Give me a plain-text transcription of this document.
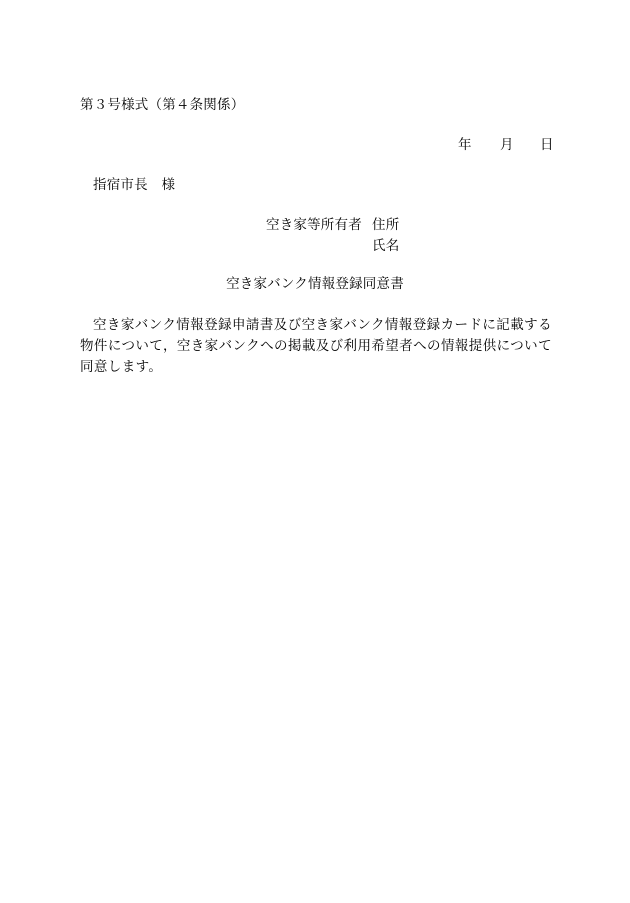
第３号様式（第４条関係）
年 月 日
指宿市長　様
空き家等所有者 住所
氏名
空き家バンク情報登録同意書
空き家バンク情報登録申請書及び空き家バンク情報登録カードに記載する物件について，空き家バンクへの掲載及び利用希望者への情報提供について同意します。
